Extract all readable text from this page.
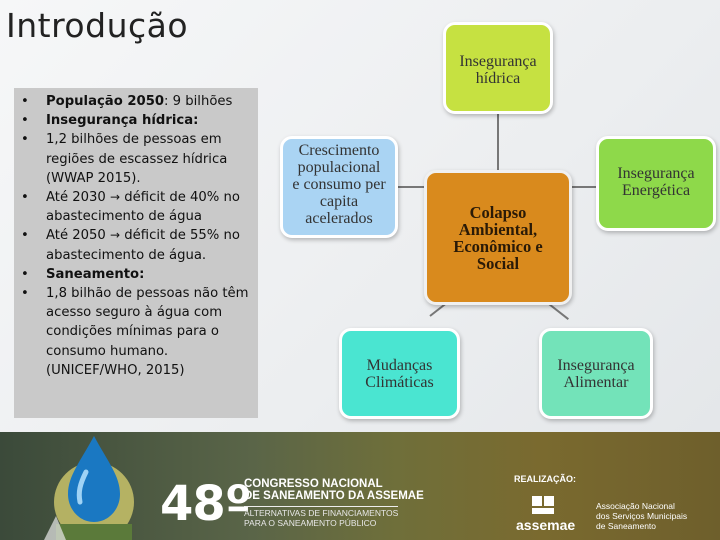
Introdução
• População 2050: 9 bilhões
• Insegurança hídrica:
• 1,2 bilhões de pessoas em regiões de escassez hídrica (WWAP 2015).
• Até 2030 → déficit de 40% no abastecimento de água
• Até 2050 → déficit de 55% no abastecimento de água.
• Saneamento:
• 1,8 bilhão de pessoas não têm acesso seguro à água com condições mínimas para o consumo humano. (UNICEF/WHO, 2015)
Insegurança
hídrica
Insegurança
Energética
Crescimento
populacional
e consumo per
capita
acelerados	Colapso
Ambiental,
Econômico e
Social
Mudanças
Climáticas
Insegurança
Alimentar
48º
CONGRESSO NACIONAL
DE SANEAMENTO DA ASSEMAE
ALTERNATIVAS DE FINANCIAMENTOS
PARA O SANEAMENTO PÚBLICO
REALIZAÇÃO:
assemae
Associação Nacional
dos Serviços Municipais
de Saneamento
